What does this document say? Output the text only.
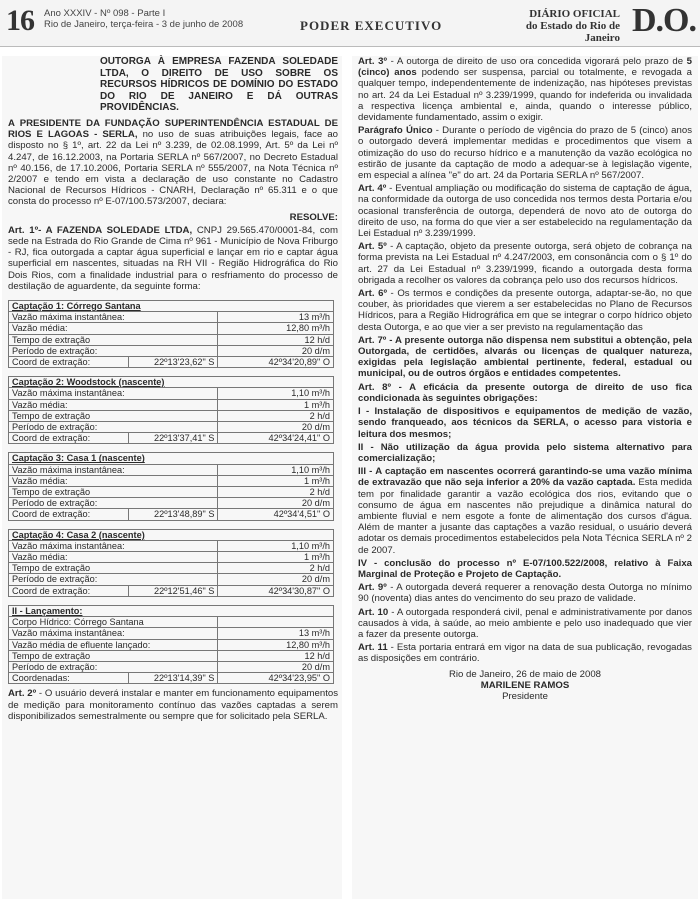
16 Ano XXXIV - Nº 098 - Parte I
Rio de Janeiro, terça-feira - 3 de junho de 2008	PODER EXECUTIVO
DIÁRIO OFICIAL
do Estado do Rio de Janeiro D.O.

OUTORGA À EMPRESA FAZENDA SOLEDADE LTDA, O DIREITO DE USO SOBRE OS RECURSOS HÍDRICOS DE DOMÍNIO DO ESTADO DO RIO DE JANEIRO E DÁ OUTRAS PROVIDÊNCIAS.

A PRESIDENTE DA FUNDAÇÃO SUPERINTENDÊNCIA ESTADUAL DE RIOS E LAGOAS - SERLA, no uso de suas atribuições legais, face ao disposto no § 1º, art. 22 da Lei nº 3.239, de 02.08.1999, Art. 5º da Lei nº 4.247, de 16.12.2003, na Portaria SERLA nº 567/2007, no Decreto Estadual nº 40.156, de 17.10.2006, Portaria SERLA nº 555/2007, na Nota Técnica nº 2/2007 e tendo em vista a declaração de uso constante no Cadastro Nacional de Recursos Hídricos - CNARH, Declaração nº 65.311 e o que consta do processo nº E-07/100.573/2007, deciara:

RESOLVE:

Art. 1º- A FAZENDA SOLEDADE LTDA, CNPJ 29.565.470/0001-84, com sede na Estrada do Rio Grande de Cima nº 961 - Município de Nova Friburgo - RJ, fica outorgada a captar água superficial e lançar em rio e captar água superficial em nascentes, situadas na RH VII - Região Hidrográfica do Rio Dois Rios, com a finalidade industrial para o resfriamento do processo de destilação de aguardente, da seguinte forma:

Captação 1: Córrego Santana		
Vazão máxima instantânea:		13 m³/h
Vazão média:		12,80 m³/h
Tempo de extração		12 h/d
Período de extração:		20 d/m
Coord de extração:	22º13'23,62" S	42º34'20,89" O
Captação 2: Woodstock (nascente)		
Vazão máxima instantânea:		1,10 m³/h
Vazão média:		1 m³/h
Tempo de extração		2 h/d
Período de extração:		20 d/m
Coord de extração:	22º13'37,41" S	42º34'24,41" O
Captação 3: Casa 1 (nascente)		
Vazão máxima instantânea:		1,10 m³/h
Vazão média:		1 m³/h
Tempo de extração		2 h/d
Período de extração:		20 d/m
Coord de extração:	22º13'48,89" S	42º34'4,51" O
Captação 4: Casa 2 (nascente)		
Vazão máxima instantânea:		1,10 m³/h
Vazão média:		1 m³/h
Tempo de extração		2 h/d
Período de extração:		20 d/m
Coord de extração:	22º12'51,46" S	42º34'30,87" O
II - Lançamento:		
Corpo Hídrico: Córrego Santana		
Vazão máxima instantânea:		13 m³/h
Vazão média de efluente lançado:		12,80 m³/h
Tempo de extração		12 h/d
Período de extração:		20 d/m
Coordenadas:	22º13'14,39" S	42º34'23,95" O

Art. 2º - O usuário deverá instalar e manter em funcionamento equipamentos de medição para monitoramento contínuo das vazões captadas a serem disponibilizados semestralmente ou sempre que for solicitado pela SERLA.

Art. 3º - A outorga de direito de uso ora concedida vigorará pelo prazo de 5 (cinco) anos podendo ser suspensa, parcial ou totalmente, e revogada a qualquer tempo, independentemente de indenização, nas hipóteses previstas no art. 24 da Lei Estadual nº 3.239/1999, quando for indeferida ou invalidada a respectiva licença ambiental e, ainda, quando o interesse público, devidamente fundamentado, assim o exigir.

Parágrafo Único - Durante o período de vigência do prazo de 5 (cinco) anos o outorgado deverá implementar medidas e procedimentos que visem a otimização do uso do recurso hídrico e a manutenção da vazão ecológica no estirão de jusante da captação de modo a adequar-se à legislação vigente, em especial a alínea "e" do art. 24 da Portaria SERLA nº 567/2007.

Art. 4º - Eventual ampliação ou modificação do sistema de captação de água, na conformidade da outorga de uso concedida nos termos desta Portaria e/ou ocasional transferência de outorga, dependerá de novo ato de outorga do direito de uso, na forma do que vier a ser estabelecido na regulamentação da Lei Estadual nº 3.239/1999.

Art. 5º - A captação, objeto da presente outorga, será objeto de cobrança na forma prevista na Lei Estadual nº 4.247/2003, em consonância com o § 1º do art. 27 da Lei Estadual nº 3.239/1999, ficando a outorgada desta forma obrigada a recolher os valores da cobrança pelo uso dos recursos hídricos.

Art. 6º - Os termos e condições da presente outorga, adaptar-se-ão, no que couber, às prioridades que vierem a ser estabelecidas no Plano de Recursos Hídricos, para a Região Hidrográfica em que se integrar o corpo hídrico objeto desta Outorga, e ao que vier a ser previsto na regulamentação das

Art. 7º - A presente outorga não dispensa nem substitui a obtenção, pela Outorgada, de certidões, alvarás ou licenças de qualquer natureza, exigidas pela legislação ambiental pertinente, federal, estadual ou municipal, ou de outros órgãos e entidades competentes.

Art. 8º - A eficácia da presente outorga de direito de uso fica condicionada às seguintes obrigações:

I - Instalação de dispositivos e equipamentos de medição de vazão, sendo franqueado, aos técnicos da SERLA, o acesso para vistoria e leitura dos mesmos;

II - Não utilização da água provida pelo sistema alternativo para comercialização;

III - A captação em nascentes ocorrerá garantindo-se uma vazão mínima de extravazão que não seja inferior a 20% da vazão captada. Esta medida tem por finalidade garantir a vazão ecológica dos rios, evitando que o consumo de água em nascentes não prejudique a dinâmica natural do ambiente fluvial e nem esgote a fonte de alimentação dos cursos d'água. Além de manter a jusante das captações a vazão residual, o usuário deverá adotar os demais procedimentos estabelecidos pela Nota Técnica SERLA nº 2 de 2007.

IV - conclusão do processo nº E-07/100.522/2008, relativo à Faixa Marginal de Proteção e Projeto de Captação.

Art. 9º - A outorgada deverá requerer a renovação desta Outorga no mínimo 90 (noventa) dias antes do vencimento do seu prazo de validade.

Art. 10 - A outorgada responderá civil, penal e administrativamente por danos causados à vida, à saúde, ao meio ambiente e pelo uso inadequado que vier a fazer da presente outorga.

Art. 11 - Esta portaria entrará em vigor na data de sua publicação, revogadas as disposições em contrário.

Rio de Janeiro, 26 de maio de 2008
MARILENE RAMOS
Presidente
